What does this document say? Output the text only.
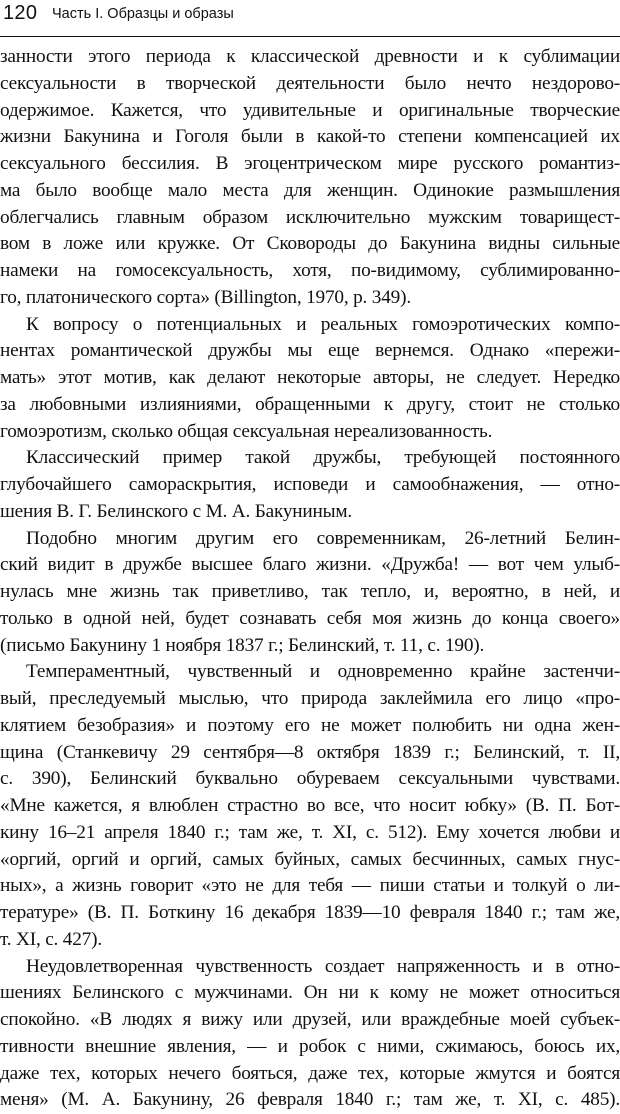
120 Часть I. Образцы и образы
занности этого периода к классической древности и к сублимации
сексуальности в творческой деятельности было нечто нездорово-
одержимое. Кажется, что удивительные и оригинальные творческие
жизни Бакунина и Гоголя были в какой-то степени компенсацией их
сексуального бессилия. В эгоцентрическом мире русского романтиз-
ма было вообще мало места для женщин. Одинокие размышления
облегчались главным образом исключительно мужским товарищест-
вом в ложе или кружке. От Сковороды до Бакунина видны сильные
намеки на гомосексуальность, хотя, по-видимому, сублимированно-
го, платонического сорта» (Billington, 1970, p. 349).
К вопросу о потенциальных и реальных гомоэротических компо-
нентах романтической дружбы мы еще вернемся. Однако «пережи-
мать» этот мотив, как делают некоторые авторы, не следует. Нередко
за любовными излияниями, обращенными к другу, стоит не столько
гомоэротизм, сколько общая сексуальная нереализованность.
Классический пример такой дружбы, требующей постоянного
глубочайшего самораскрытия, исповеди и самообнажения, — отно-
шения В. Г. Белинского с М. А. Бакуниным.
Подобно многим другим его современникам, 26-летний Белин-
ский видит в дружбе высшее благо жизни. «Дружба! — вот чем улыб-
нулась мне жизнь так приветливо, так тепло, и, вероятно, в ней, и
только в одной ней, будет сознавать себя моя жизнь до конца своего»
(письмо Бакунину 1 ноября 1837 г.; Белинский, т. 11, с. 190).
Темпераментный, чувственный и одновременно крайне застенчи-
вый, преследуемый мыслью, что природа заклеймила его лицо «про-
клятием безобразия» и поэтому его не может полюбить ни одна жен-
щина (Станкевичу 29 сентября—8 октября 1839 г.; Белинский, т. II,
с. 390), Белинский буквально обуреваем сексуальными чувствами.
«Мне кажется, я влюблен страстно во все, что носит юбку» (В. П. Бот-
кину 16–21 апреля 1840 г.; там же, т. XI, с. 512). Ему хочется любви и
«оргий, оргий и оргий, самых буйных, самых бесчинных, самых гнус-
ных», а жизнь говорит «это не для тебя — пиши статьи и толкуй о ли-
тературе» (В. П. Боткину 16 декабря 1839—10 февраля 1840 г.; там же,
т. XI, с. 427).
Неудовлетворенная чувственность создает напряженность и в отно-
шениях Белинского с мужчинами. Он ни к кому не может относиться
спокойно. «В людях я вижу или друзей, или враждебные моей субъек-
тивности внешние явления, — и робок с ними, сжимаюсь, боюсь их,
даже тех, которых нечего бояться, даже тех, которые жмутся и боятся
меня» (М. А. Бакунину, 26 февраля 1840 г.; там же, т. XI, с. 485).
